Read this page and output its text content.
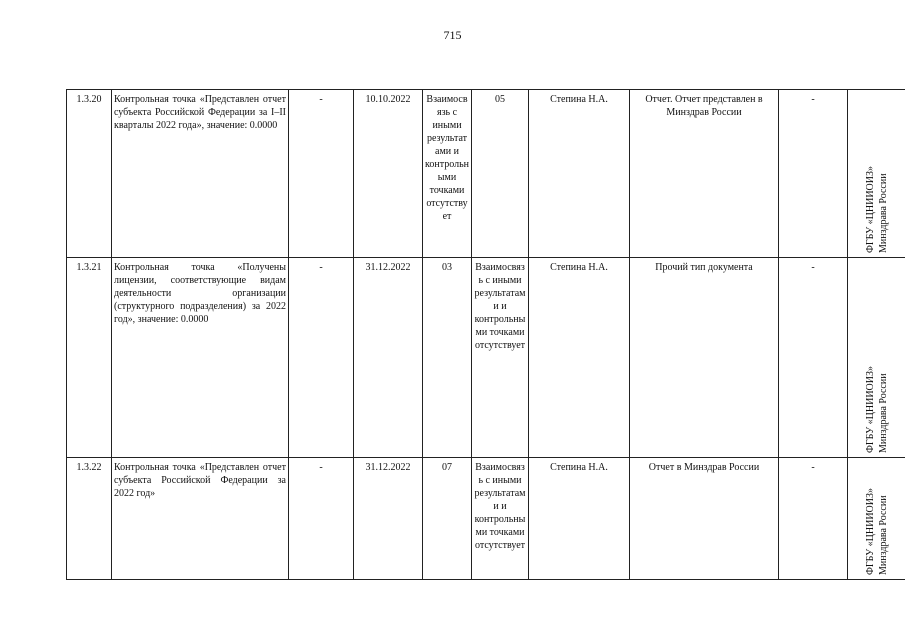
715
1.3.20	Контрольная точка «Представлен отчет субъекта Российской Федерации за I–II кварталы 2022 года», значение: 0.0000	-	10.10.2022	Взаимосвязь с иными результатами и контрольными точками отсутствует	05	Степина Н.А.	Отчет. Отчет представлен в Минздрав России	-	ФГБУ «ЦНИИОИЗ» Минздрава России

1.3.21	Контрольная точка «Получены лицензии, соответствующие видам деятельности организации (структурного подразделения) за 2022 год», значение: 0.0000	-	31.12.2022	03	Взаимосвязь с иными результатами и контрольными точками отсутствует	Степина Н.А.	Прочий тип документа	-	ФГБУ «ЦНИИОИЗ» Минздрава России

1.3.22	Контрольная точка «Представлен отчет субъекта Российской Федерации за 2022 год»	-	31.12.2022	07	Взаимосвязь с иными результатами и контрольными точками отсутствует	Степина Н.А.	Отчет в Минздрав России	-	ФГБУ «ЦНИИОИЗ» Минздрава России
